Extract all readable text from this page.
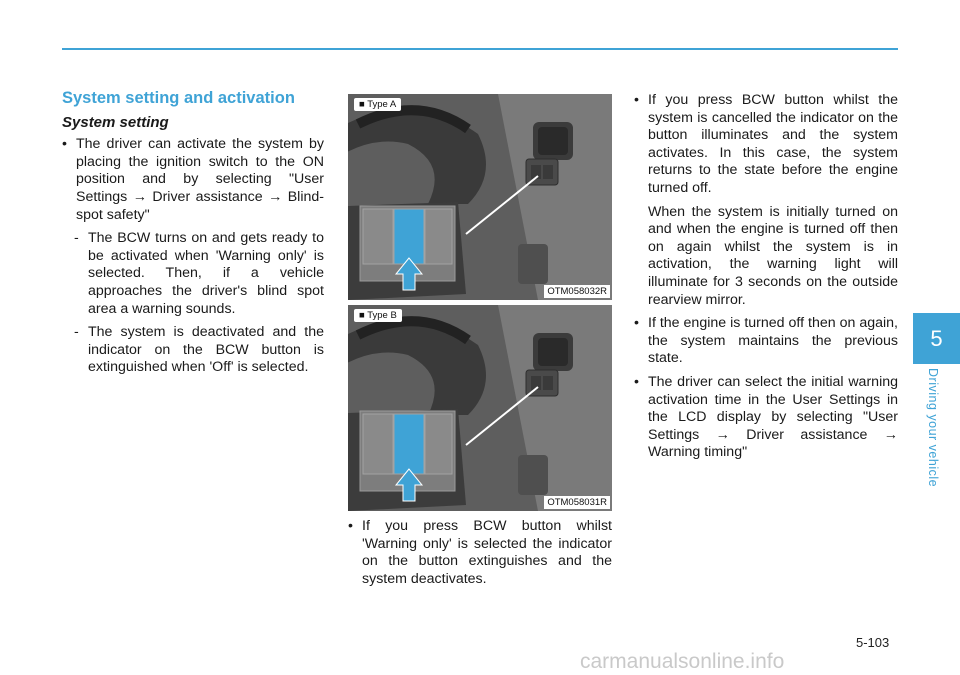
System setting and activation
System setting
• The driver can activate the system by placing the ignition switch to the ON position and by selecting "User Settings → Driver assistance → Blind-spot safety"
- The BCW turns on and gets ready to be activated when 'Warning only' is selected. Then, if a vehicle approaches the driver's blind spot area a warning sounds.
- The system is deactivated and the indicator on the BCW button is extinguished when 'Off' is selected.
■ Type A
OTM058032R
■ Type B
OTM058031R
• If you press BCW button whilst 'Warning only' is selected the indicator on the button extinguishes and the system deactivates.
• If you press BCW button whilst the system is cancelled the indicator on the button illuminates and the system activates. In this case, the system returns to the state before the engine turned off.
When the system is initially turned on and when the engine is turned off then on again whilst the system is in activation, the warning light will illuminate for 3 seconds on the outside rearview mirror.
• If the engine is turned off then on again, the system maintains the previous state.
• The driver can select the initial warning activation time in the User Settings in the LCD display by selecting "User Settings → Driver assistance → Warning timing"
5
Driving your vehicle
5-103
carmanualsonline.info
